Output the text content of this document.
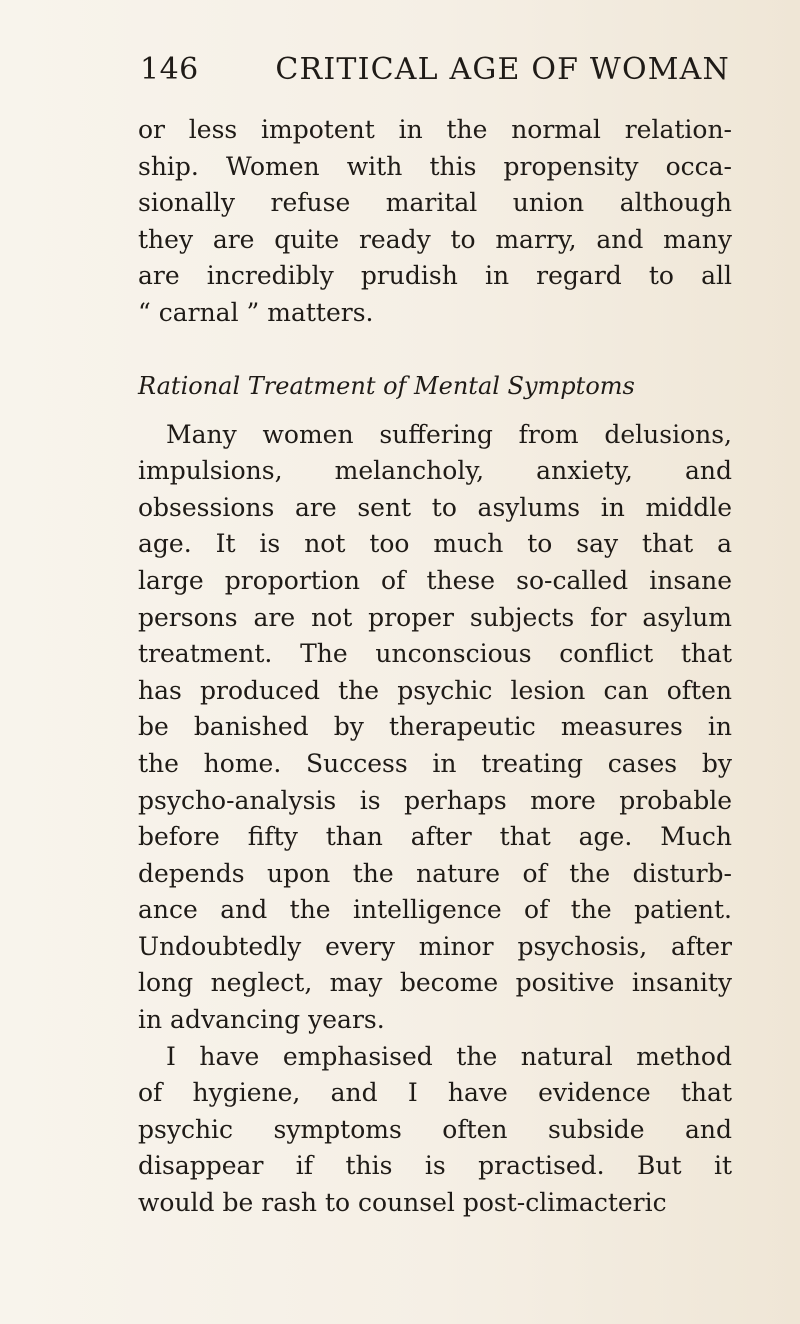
146	CRITICAL AGE OF WOMAN
or less impotent in the normal relation-
ship. Women with this propensity occa-
sionally refuse marital union although
they are quite ready to marry, and many
are incredibly prudish in regard to all
“ carnal ” matters.
Rational Treatment of Mental Symptoms
Many women suffering from delusions,
impulsions, melancholy, anxiety, and
obsessions are sent to asylums in middle
age. It is not too much to say that a
large proportion of these so-called insane
persons are not proper subjects for asylum
treatment. The unconscious conflict that
has produced the psychic lesion can often
be banished by therapeutic measures in
the home. Success in treating cases by
psycho-analysis is perhaps more probable
before fifty than after that age. Much
depends upon the nature of the disturb-
ance and the intelligence of the patient.
Undoubtedly every minor psychosis, after
long neglect, may become positive insanity
in advancing years.
I have emphasised the natural method
of hygiene, and I have evidence that
psychic symptoms often subside and
disappear if this is practised. But it
would be rash to counsel post-climacteric
